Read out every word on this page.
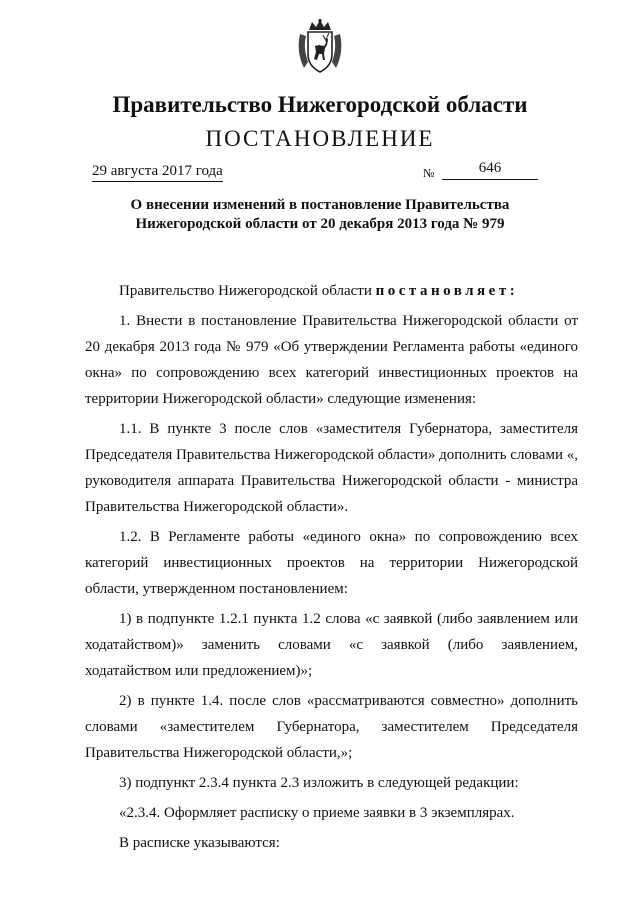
Правительство Нижегородской области
ПОСТАНОВЛЕНИЕ
29 августа 2017 года	№	646
О внесении изменений в постановление Правительства
Нижегородской области от 20 декабря 2013 года № 979

Правительство Нижегородской области постановляет:

1. Внести в постановление Правительства Нижегородской области от 20 декабря 2013 года № 979 «Об утверждении Регламента работы «единого окна» по сопровождению всех категорий инвестиционных проектов на территории Нижегородской области» следующие изменения:

1.1. В пункте 3 после слов «заместителя Губернатора, заместителя Председателя Правительства Нижегородской области» дополнить словами «, руководителя аппарата Правительства Нижегородской области - министра Правительства Нижегородской области».

1.2. В Регламенте работы «единого окна» по сопровождению всех категорий инвестиционных проектов на территории Нижегородской области, утвержденном постановлением:

1) в подпункте 1.2.1 пункта 1.2 слова «с заявкой (либо заявлением или ходатайством)» заменить словами «с заявкой (либо заявлением, ходатайством или предложением)»;

2) в пункте 1.4. после слов «рассматриваются совместно» дополнить словами «заместителем Губернатора, заместителем Председателя Правительства Нижегородской области,»;

3) подпункт 2.3.4 пункта 2.3 изложить в следующей редакции:

«2.3.4. Оформляет расписку о приеме заявки в 3 экземплярах.

В расписке указываются:
